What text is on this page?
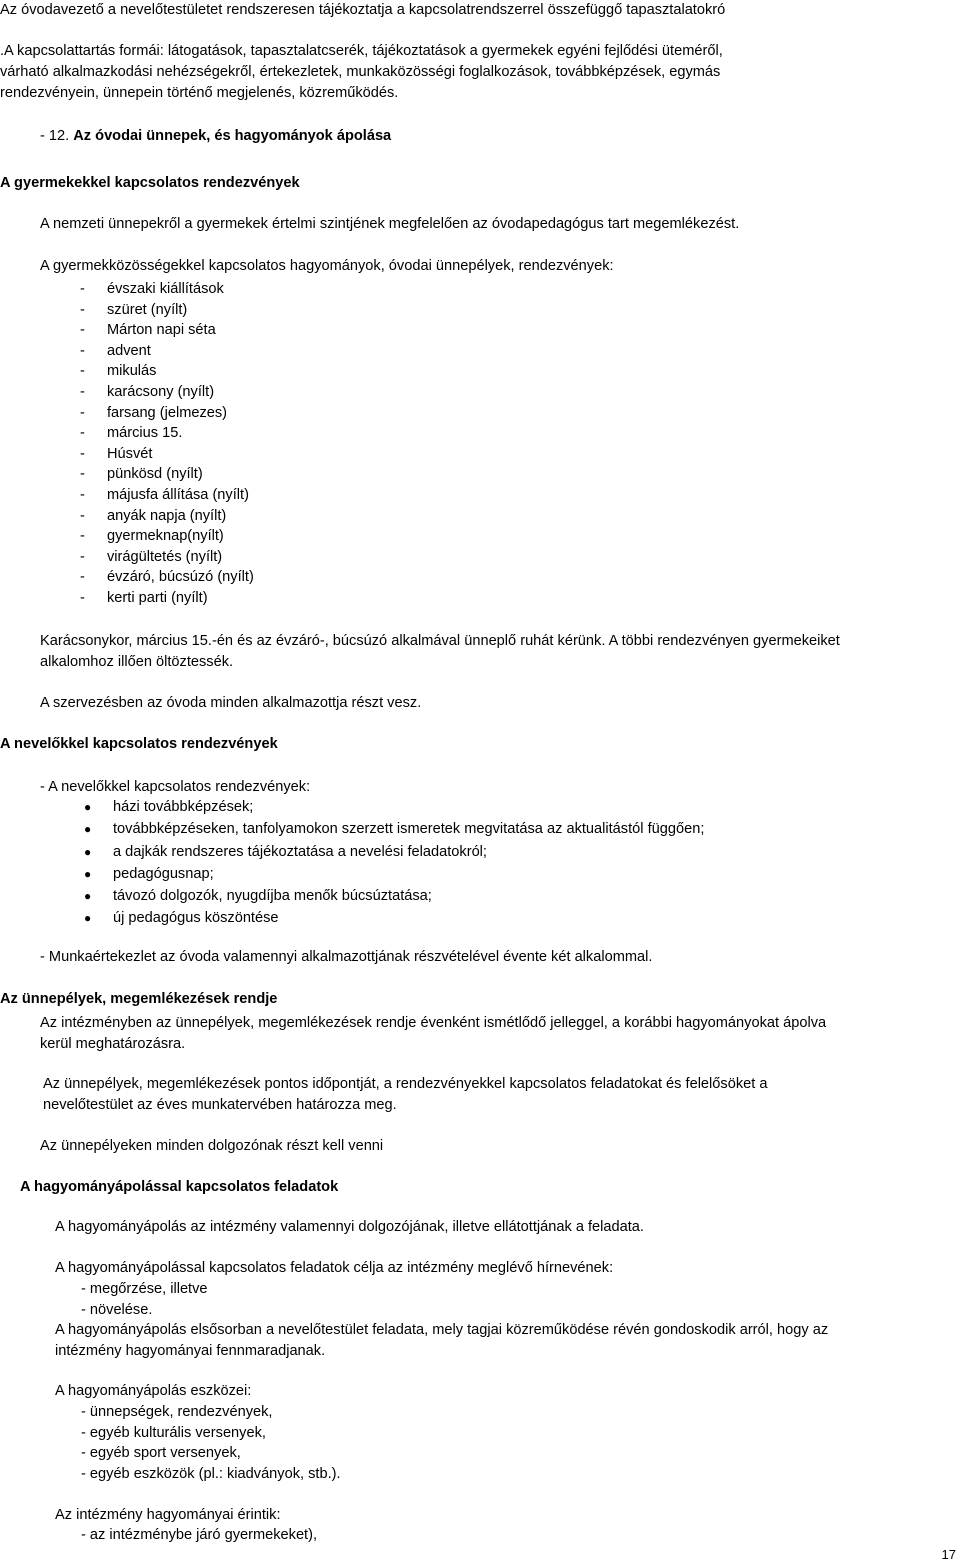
Az óvodavezető a nevelőtestületet rendszeresen tájékoztatja a kapcsolatrendszerrel összefüggő tapasztalatokró
.A kapcsolattartás formái: látogatások, tapasztalatcserék, tájékoztatások a gyermekek egyéni fejlődési üteméről,
várható alkalmazkodási nehézségekről, értekezletek, munkaközösségi foglalkozások, továbbképzések, egymás
rendezvényein, ünnepein történő megjelenés, közreműködés.
- 12. Az óvodai ünnepek, és hagyományok ápolása
A gyermekekkel kapcsolatos rendezvények
A nemzeti ünnepekről a gyermekek értelmi szintjének megfelelően az óvodapedagógus tart megemlékezést.
A gyermekközösségekkel kapcsolatos hagyományok, óvodai ünnepélyek, rendezvények:
- évszaki kiállítások
- szüret (nyílt)
- Márton napi séta
- advent
- mikulás
- karácsony (nyílt)
- farsang (jelmezes)
- március 15.
- Húsvét
- pünkösd (nyílt)
- májusfa állítása (nyílt)
- anyák napja (nyílt)
- gyermeknap(nyílt)
- virágültetés (nyílt)
- évzáró, búcsúzó (nyílt)
- kerti parti (nyílt)
Karácsonykor, március 15.-én és az évzáró-, búcsúzó alkalmával ünneplő ruhát kérünk. A többi rendezvényen gyermekeiket
alkalomhoz illően öltöztessék.
A szervezésben az óvoda minden alkalmazottja részt vesz.
A nevelőkkel kapcsolatos rendezvények
- A nevelőkkel kapcsolatos rendezvények:
● házi továbbképzések;
● továbbképzéseken, tanfolyamokon szerzett ismeretek megvitatása az aktualitástól függően;
● a dajkák rendszeres tájékoztatása a nevelési feladatokról;
● pedagógusnap;
● távozó dolgozók, nyugdíjba menők búcsúztatása;
● új pedagógus köszöntése
- Munkaértekezlet az óvoda valamennyi alkalmazottjának részvételével évente két alkalommal.
Az ünnepélyek, megemlékezések rendje
Az intézményben az ünnepélyek, megemlékezések rendje évenként ismétlődő jelleggel, a korábbi hagyományokat ápolva
kerül meghatározásra.
Az ünnepélyek, megemlékezések pontos időpontját, a rendezvényekkel kapcsolatos feladatokat és felelősöket a
nevelőtestület az éves munkatervében határozza meg.
Az ünnepélyeken minden dolgozónak részt kell venni
A hagyományápolással kapcsolatos feladatok
A hagyományápolás az intézmény valamennyi dolgozójának, illetve ellátottjának a feladata.
A hagyományápolással kapcsolatos feladatok célja az intézmény meglévő hírnevének:
- megőrzése, illetve
- növelése.
A hagyományápolás elsősorban a nevelőtestület feladata, mely tagjai közreműködése révén gondoskodik arról, hogy az
intézmény hagyományai fennmaradjanak.
A hagyományápolás eszközei:
- ünnepségek, rendezvények,
- egyéb kulturális versenyek,
- egyéb sport versenyek,
- egyéb eszközök (pl.: kiadványok, stb.).
Az intézmény hagyományai érintik:
- az intézménybe járó gyermekeket),
17
